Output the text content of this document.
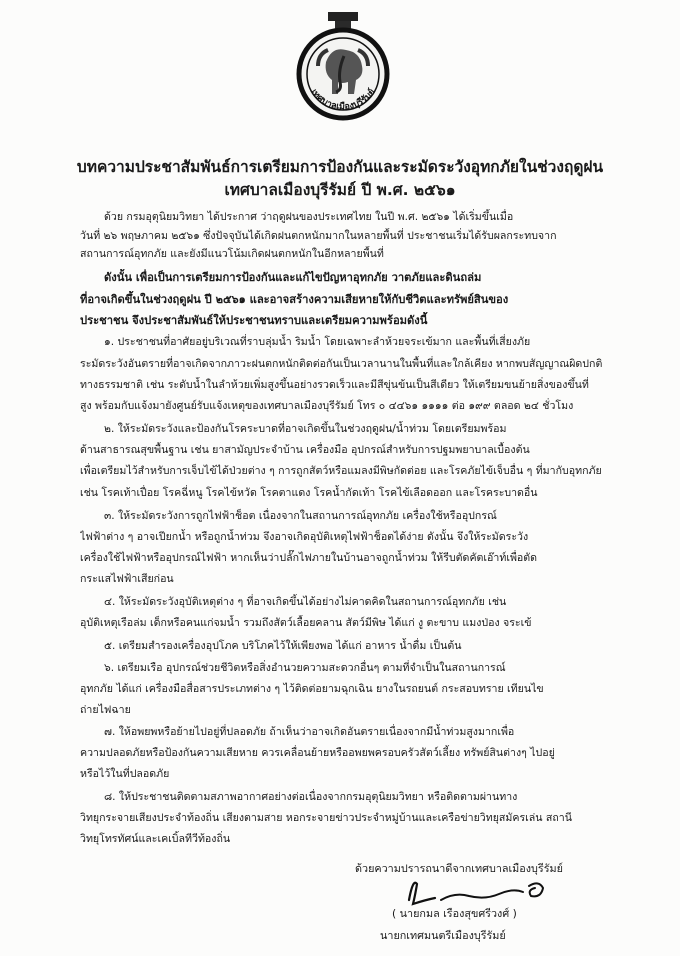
เทศบาลเมืองบุรีรัมย์
บทความประชาสัมพันธ์การเตรียมการป้องกันและระมัดระวังอุทกภัยในช่วงฤดูฝน
เทศบาลเมืองบุรีรัมย์ ปี พ.ศ. ๒๕๖๑
ด้วย กรมอุตุนิยมวิทยา ได้ประกาศ ว่าฤดูฝนของประเทศไทย ในปี พ.ศ. ๒๕๖๑ ได้เริ่มขึ้นเมื่อ
วันที่ ๒๖ พฤษภาคม ๒๕๖๑ ซึ่งปัจจุบันได้เกิดฝนตกหนักมากในหลายพื้นที่ ประชาชนเริ่มได้รับผลกระทบจาก
สถานการณ์อุทกภัย และยังมีแนวโน้มเกิดฝนตกหนักในอีกหลายพื้นที่
ดังนั้น เพื่อเป็นการเตรียมการป้องกันและแก้ไขปัญหาอุทกภัย วาตภัยและดินถล่ม
ที่อาจเกิดขึ้นในช่วงฤดูฝน ปี ๒๕๖๑ และอาจสร้างความเสียหายให้กับชีวิตและทรัพย์สินของ
ประชาชน จึงประชาสัมพันธ์ให้ประชาชนทราบและเตรียมความพร้อมดังนี้
๑. ประชาชนที่อาศัยอยู่บริเวณที่ราบลุ่มน้ำ ริมน้ำ โดยเฉพาะลำห้วยจระเข้มาก และพื้นที่เสี่ยงภัย
ระมัดระวังอันตรายที่อาจเกิดจากภาวะฝนตกหนักติดต่อกันเป็นเวลานานในพื้นที่และใกล้เคียง หากพบสัญญาณผิดปกติ
ทางธรรมชาติ เช่น ระดับน้ำในลำห้วยเพิ่มสูงขึ้นอย่างรวดเร็วและมีสีขุ่นข้นเป็นสีเดียว ให้เตรียมขนย้ายสิ่งของขึ้นที่
สูง พร้อมกับแจ้งมายังศูนย์รับแจ้งเหตุของเทศบาลเมืองบุรีรัมย์ โทร ๐ ๔๔๖๑ ๑๑๑๑ ต่อ ๑๙๙ ตลอด ๒๔ ชั่วโมง
๒. ให้ระมัดระวังและป้องกันโรคระบาดที่อาจเกิดขึ้นในช่วงฤดูฝน/น้ำท่วม โดยเตรียมพร้อม
ด้านสาธารณสุขพื้นฐาน เช่น ยาสามัญประจำบ้าน เครื่องมือ อุปกรณ์สำหรับการปฐมพยาบาลเบื้องต้น
เพื่อเตรียมไว้สำหรับการเจ็บไข้ได้ป่วยต่าง ๆ การถูกสัตว์หรือแมลงมีพิษกัดต่อย และโรคภัยไข้เจ็บอื่น ๆ ที่มากับอุทกภัย
เช่น โรคเท้าเปื่อย โรคฉี่หนู โรคไข้หวัด โรคตาแดง โรคน้ำกัดเท้า โรคไข้เลือดออก และโรคระบาดอื่น
๓. ให้ระมัดระวังการถูกไฟฟ้าช็อต เนื่องจากในสถานการณ์อุทกภัย เครื่องใช้หรืออุปกรณ์
ไฟฟ้าต่าง ๆ อาจเปียกน้ำ หรือถูกน้ำท่วม จึงอาจเกิดอุบัติเหตุไฟฟ้าช็อตได้ง่าย ดังนั้น จึงให้ระมัดระวัง
เครื่องใช้ไฟฟ้าหรืออุปกรณ์ไฟฟ้า หากเห็นว่าปลั๊กไฟภายในบ้านอาจถูกน้ำท่วม ให้รีบตัดคัตเอ๊าท์เพื่อตัด
กระแสไฟฟ้าเสียก่อน
๔. ให้ระมัดระวังอุบัติเหตุต่าง ๆ ที่อาจเกิดขึ้นได้อย่างไม่คาดคิดในสถานการณ์อุทกภัย เช่น
อุบัติเหตุเรือล่ม เด็กหรือคนแก่จมน้ำ รวมถึงสัตว์เลื้อยคลาน สัตว์มีพิษ ได้แก่ งู ตะขาบ แมงป่อง จระเข้
๕. เตรียมสำรองเครื่องอุปโภค บริโภคไว้ให้เพียงพอ ได้แก่ อาหาร น้ำดื่ม เป็นต้น
๖. เตรียมเรือ อุปกรณ์ช่วยชีวิตหรือสิ่งอำนวยความสะดวกอื่นๆ ตามที่จำเป็นในสถานการณ์
อุทกภัย ได้แก่ เครื่องมือสื่อสารประเภทต่าง ๆ ไว้ติดต่อยามฉุกเฉิน ยางในรถยนต์ กระสอบทราย เทียนไข
ถ่ายไฟฉาย
๗. ให้อพยพหรือย้ายไปอยู่ที่ปลอดภัย ถ้าเห็นว่าอาจเกิดอันตรายเนื่องจากมีน้ำท่วมสูงมากเพื่อ
ความปลอดภัยหรือป้องกันความเสียหาย ควรเคลื่อนย้ายหรืออพยพครอบครัวสัตว์เลี้ยง ทรัพย์สินต่างๆ ไปอยู่
หรือไว้ในที่ปลอดภัย
๘. ให้ประชาชนติดตามสภาพอากาศอย่างต่อเนื่องจากกรมอุตุนิยมวิทยา หรือติดตามผ่านทาง
วิทยุกระจายเสียงประจำท้องถิ่น เสียงตามสาย หอกระจายข่าวประจำหมู่บ้านและเครือข่ายวิทยุสมัครเล่น สถานี
วิทยุโทรทัศน์และเคเบิ้ลทีวีท้องถิ่น
ด้วยความปรารถนาดีจากเทศบาลเมืองบุรีรัมย์
( นายกมล เรืองสุขศรีวงศ์ )
นายกเทศมนตรีเมืองบุรีรัมย์
